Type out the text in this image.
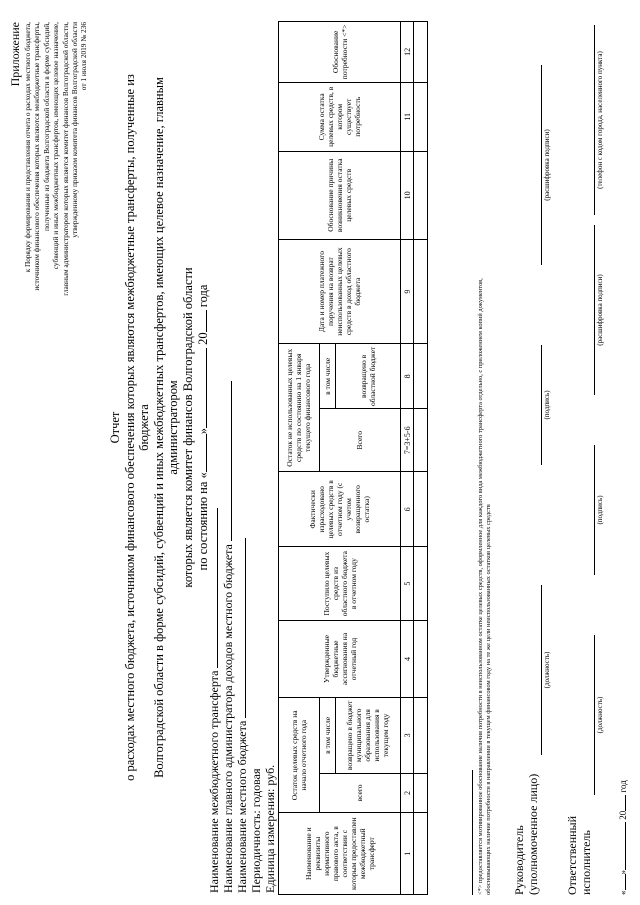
Приложение к Порядку формирования и представления отчета о расходах местного бюджета, источником финансового обеспечения которых являются межбюджетные трансферты, полученные из бюджета Волгоградской области в форме субсидий, субвенций и иных межбюджетных трансфертов, имеющих целевое назначение, главным администратором которых является комитет финансов Волгоградской области, утвержденному приказом комитета финансов Волгоградской области от 1 июля 2019 № 236
Отчет о расходах местного бюджета, источником финансового обеспечения которых являются межбюджетные трансферты, полученные из бюджета Волгоградской области в форме субсидий, субвенций и иных межбюджетных трансфертов, имеющих целевое назначение, главным администратором которых является комитет финансов Волгоградской области по состоянию на «» 20 года
Наименование межбюджетного трансферта Наименование главного администратора доходов местного бюджета Наименование местного бюджета Периодичность: годовая Единица измерения: руб.	Наименование и реквизиты нормативного правового акта, в соответствии с которым предоставлен межбюджетный трансферт	Остаток целевых средств на начало отчетного года		Утвержденные бюджетные ассигнования на отчетный год	Поступило целевых средств из областного бюджета в отчетном году	Фактически израсходовано целевых средств в отчетном году (с учетом возвращенного остатка)	Остаток не использованных целевых средств по состоянию на 1 января текущего финансового года		Дата и номер платежного поручения на возврат неиспользованных целевых средств в доход областного бюджета	Обоснование причины возникновения остатка целевых средств	Сумма остатка целевых средств, в котором существует потребность	Обоснование потребности <*>
	всего	в том числе				Всего	в том числе				
		возвращено в бюджет муниципального образования для использования в текущем году					возвращено в областной бюджет				
1	2	3	4	5	6	7=3+5-6	8	9	10	11	12

<*> предоставляется мотивированное обоснование наличия потребности в неиспользованном остатке целевых средств, оформленное для каждого вида межбюджетного трансферта отдельно, с приложением копий документов, обосновывающих наличие потребности в направлении в текущем финансовом году на те же цели неиспользованных остатков целевых средств Руководитель (уполномоченное лицо)
(должность)
(подпись)
(расшифровка подписи)
Ответственный исполнитель
(должность)
(подпись)
(расшифровка подписи)
(телефон с кодом города, населенного пункта)
«» 20 год
